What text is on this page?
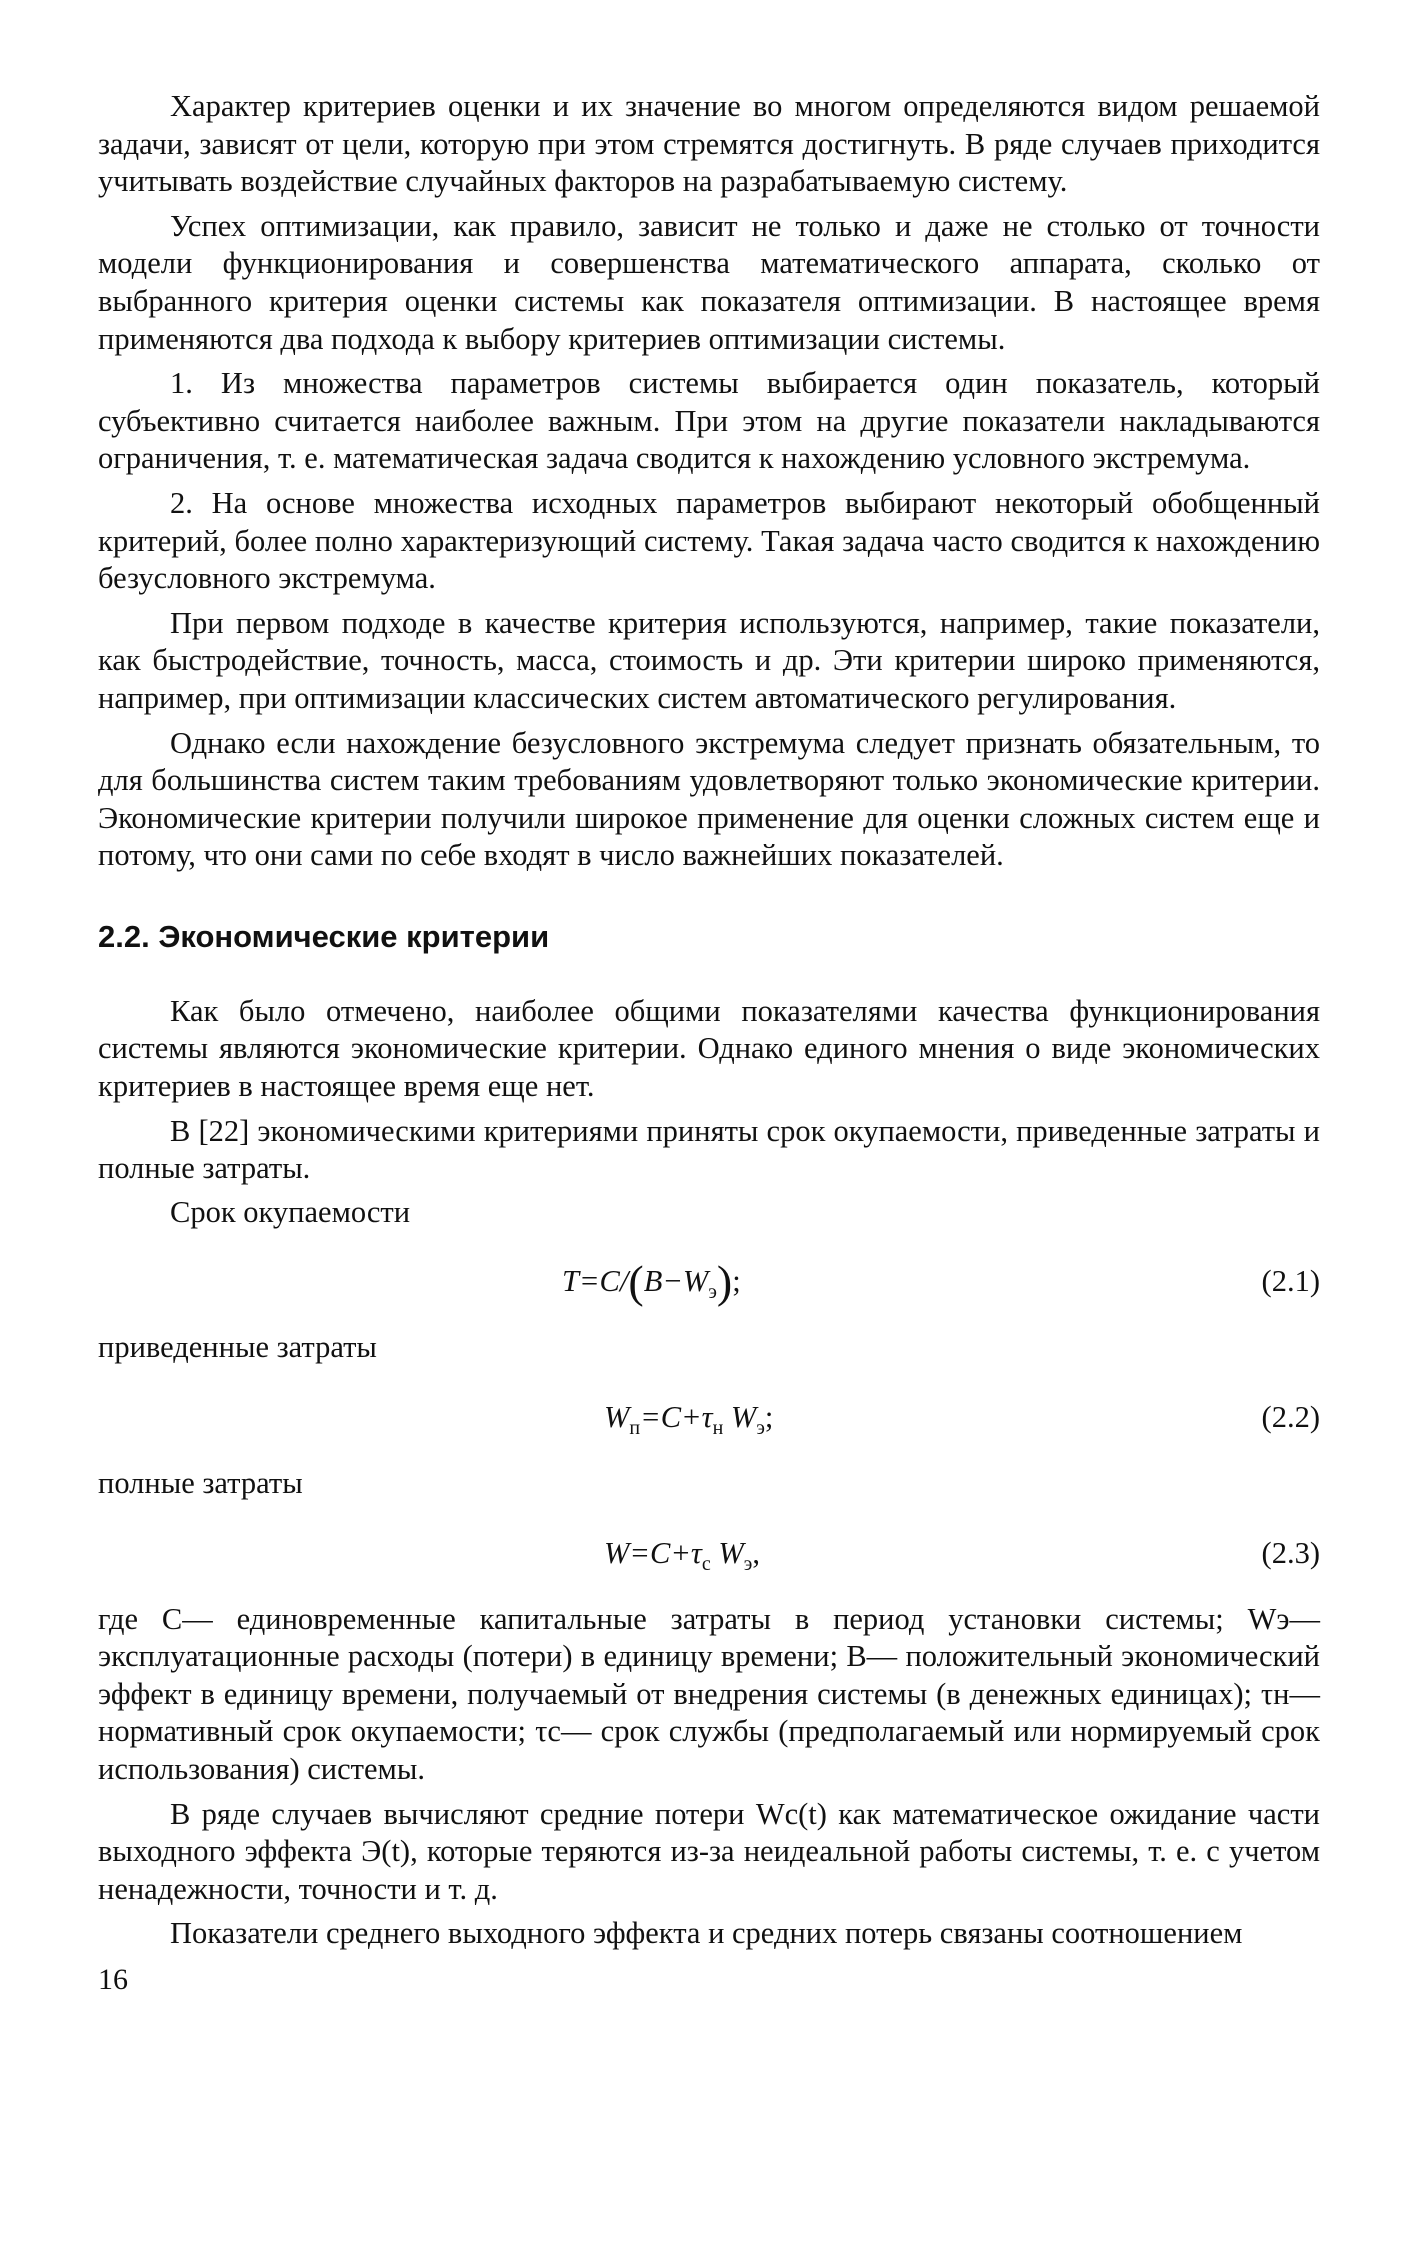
Характер критериев оценки и их значение во многом определяются видом решаемой задачи, зависят от цели, которую при этом стремятся достигнуть. В ряде случаев приходится учитывать воздействие случайных факторов на разрабатываемую систему.

Успех оптимизации, как правило, зависит не только и даже не столько от точности модели функционирования и совершенства математического аппарата, сколько от выбранного критерия оценки системы как показателя оптимизации. В настоящее время применяются два подхода к выбору критериев оптимизации системы.

1. Из множества параметров системы выбирается один показатель, который субъективно считается наиболее важным. При этом на другие показатели накладываются ограничения, т. е. математическая задача сводится к нахождению условного экстремума.

2. На основе множества исходных параметров выбирают некоторый обобщенный критерий, более полно характеризующий систему. Такая задача часто сводится к нахождению безусловного экстремума.

При первом подходе в качестве критерия используются, например, такие показатели, как быстродействие, точность, масса, стоимость и др. Эти критерии широко применяются, например, при оптимизации классических систем автоматического регулирования.

Однако если нахождение безусловного экстремума следует признать обязательным, то для большинства систем таким требованиям удовлетворяют только экономические критерии. Экономические критерии получили широкое применение для оценки сложных систем еще и потому, что они сами по себе входят в число важнейших показателей.

2.2. Экономические критерии

Как было отмечено, наиболее общими показателями качества функционирования системы являются экономические критерии. Однако единого мнения о виде экономических критериев в настоящее время еще нет.

В [22] экономическими критериями приняты срок окупаемости, приведенные затраты и полные затраты.

Срок окупаемости

$T=C/(B-W_э)$;	(2.1)

приведенные затраты

$W_п=C+\tau_н$ $W_э$;	(2.2)

полные затраты

$W=C+\tau_c$ $W_э$,	(2.3)

где C— единовременные капитальные затраты в период установки системы; Wэ— эксплуатационные расходы (потери) в единицу времени; B— положительный экономический эффект в единицу времени, получаемый от внедрения системы (в денежных единицах); τн— нормативный срок окупаемости; τс— срок службы (предполагаемый или нормируемый срок использования) системы.

В ряде случаев вычисляют средние потери Wс(t) как математическое ожидание части выходного эффекта Э(t), которые теряются из-за неидеальной работы системы, т. е. с учетом ненадежности, точности и т. д.

Показатели среднего выходного эффекта и средних потерь связаны соотношением

16
